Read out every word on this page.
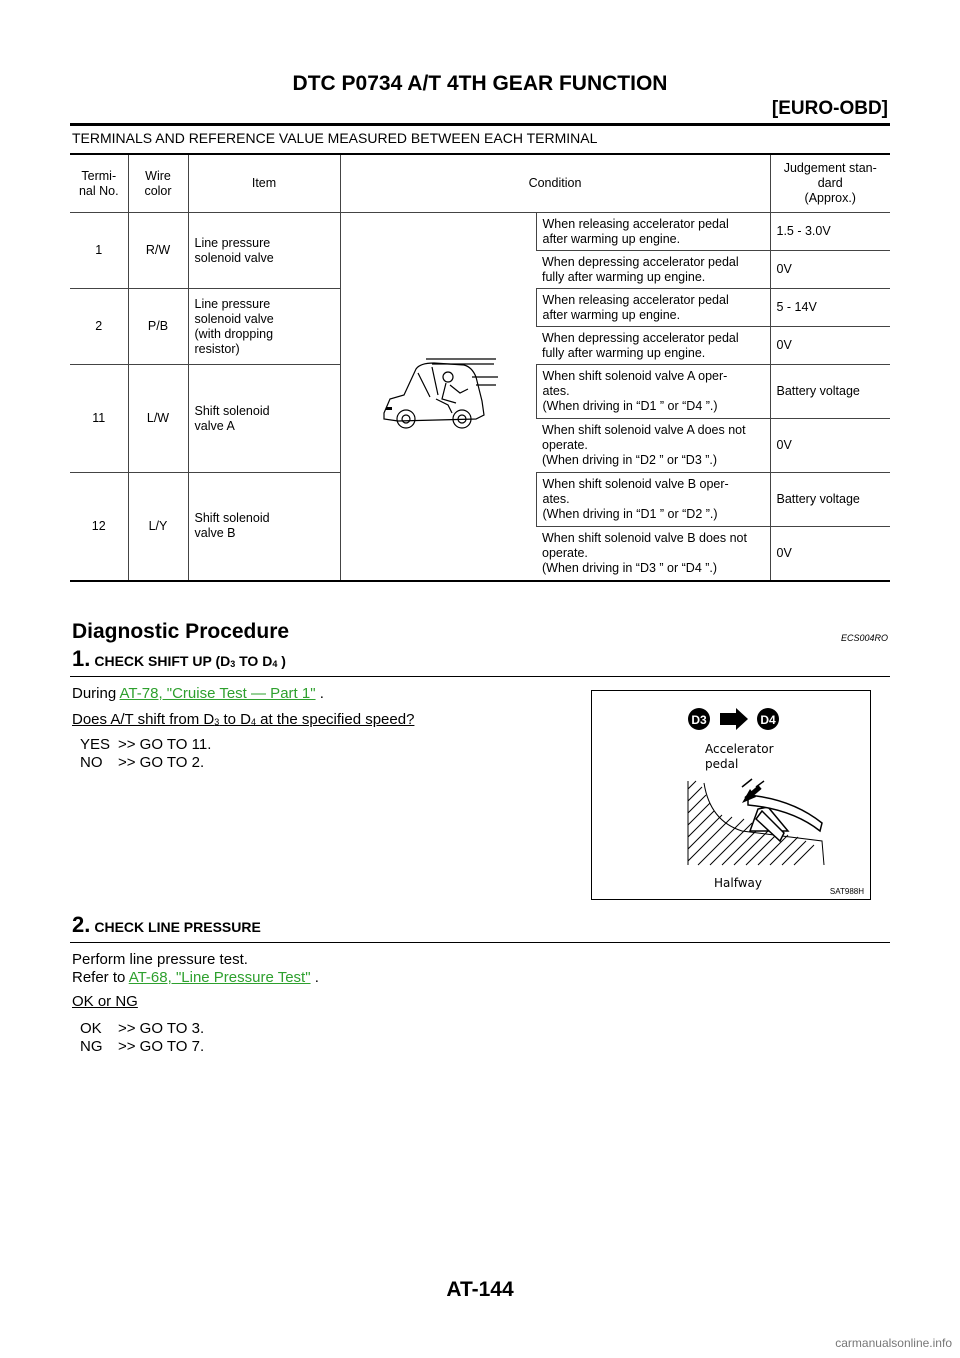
DTC P0734 A/T 4TH GEAR FUNCTION
[EURO-OBD]
TERMINALS AND REFERENCE VALUE MEASURED BETWEEN EACH TERMINAL
Termi-
nal No.	Wire color	Item	Condition		Judgement stan-
dard
(Approx.)
1	R/W	Line pressure
solenoid valve		When releasing accelerator pedal
after warming up engine.	1.5 - 3.0V
				When depressing accelerator pedal
fully after warming up engine.	0V
2	P/B	Line pressure
solenoid valve
(with dropping
resistor)		When releasing accelerator pedal
after warming up engine.	5 - 14V
				When depressing accelerator pedal
fully after warming up engine.	0V
11	L/W	Shift solenoid
valve A		When shift solenoid valve A oper-
ates.
(When driving in “D1 ” or “D4 ”.)	Battery voltage
				When shift solenoid valve A does not
operate.
(When driving in “D2 ” or “D3 ”.)	0V
12	L/Y	Shift solenoid
valve B		When shift solenoid valve B oper-
ates.
(When driving in “D1 ” or “D2 ”.)	Battery voltage
				When shift solenoid valve B does not
operate.
(When driving in “D3 ” or “D4 ”.)	0V
Diagnostic Procedure	ECS004RO
1. CHECK SHIFT UP ($D_3$ TO $D_4$ )
During AT-78, "Cruise Test — Part 1" .
Does A/T shift from $D_3$ to $D_4$ at the specified speed?
YES >> GO TO 11.
NO >> GO TO 2.
D3	D4
Accelerator
pedal
Halfway
SAT988H
2. CHECK LINE PRESSURE
Perform line pressure test.
Refer to AT-68, "Line Pressure Test" .
OK or NG
OK >> GO TO 3.
NG >> GO TO 7.
AT-144
carmanualsonline.info
